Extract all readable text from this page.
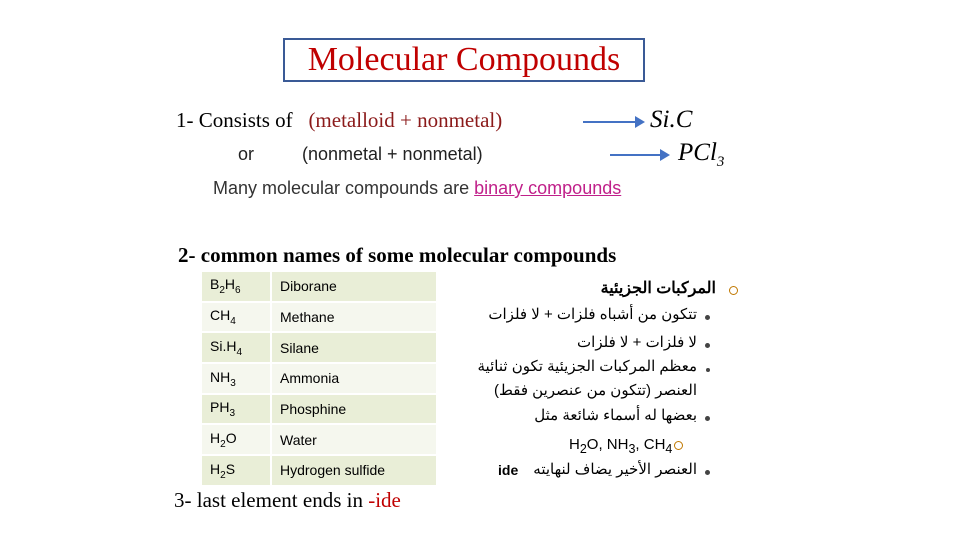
Molecular Compounds
1- Consists of (metalloid + nonmetal)	Si.C
or	(nonmetal + nonmetal)	PCl$_3$
Many molecular compounds are binary compounds
2- common names of some molecular compounds
$B_2H_6$	Diborane
$CH_4$	Methane
$Si.H_4$	Silane
$NH_3$	Ammonia
$PH_3$	Phosphine
$H_2O$	Water
$H_2S$	Hydrogen sulfide
3- last element ends in -ide
المركبات الجزيئية
تتكون من أشباه فلزات + لا فلزات
لا فلزات + لا فلزات
معظم المركبات الجزيئية تكون ثنائية
العنصر (تتكون من عنصرين فقط)
بعضها له أسماء شائعة مثل
$H_2O$, $NH_3$, $CH_4$
العنصر الأخير يضاف لنهايته
ide
